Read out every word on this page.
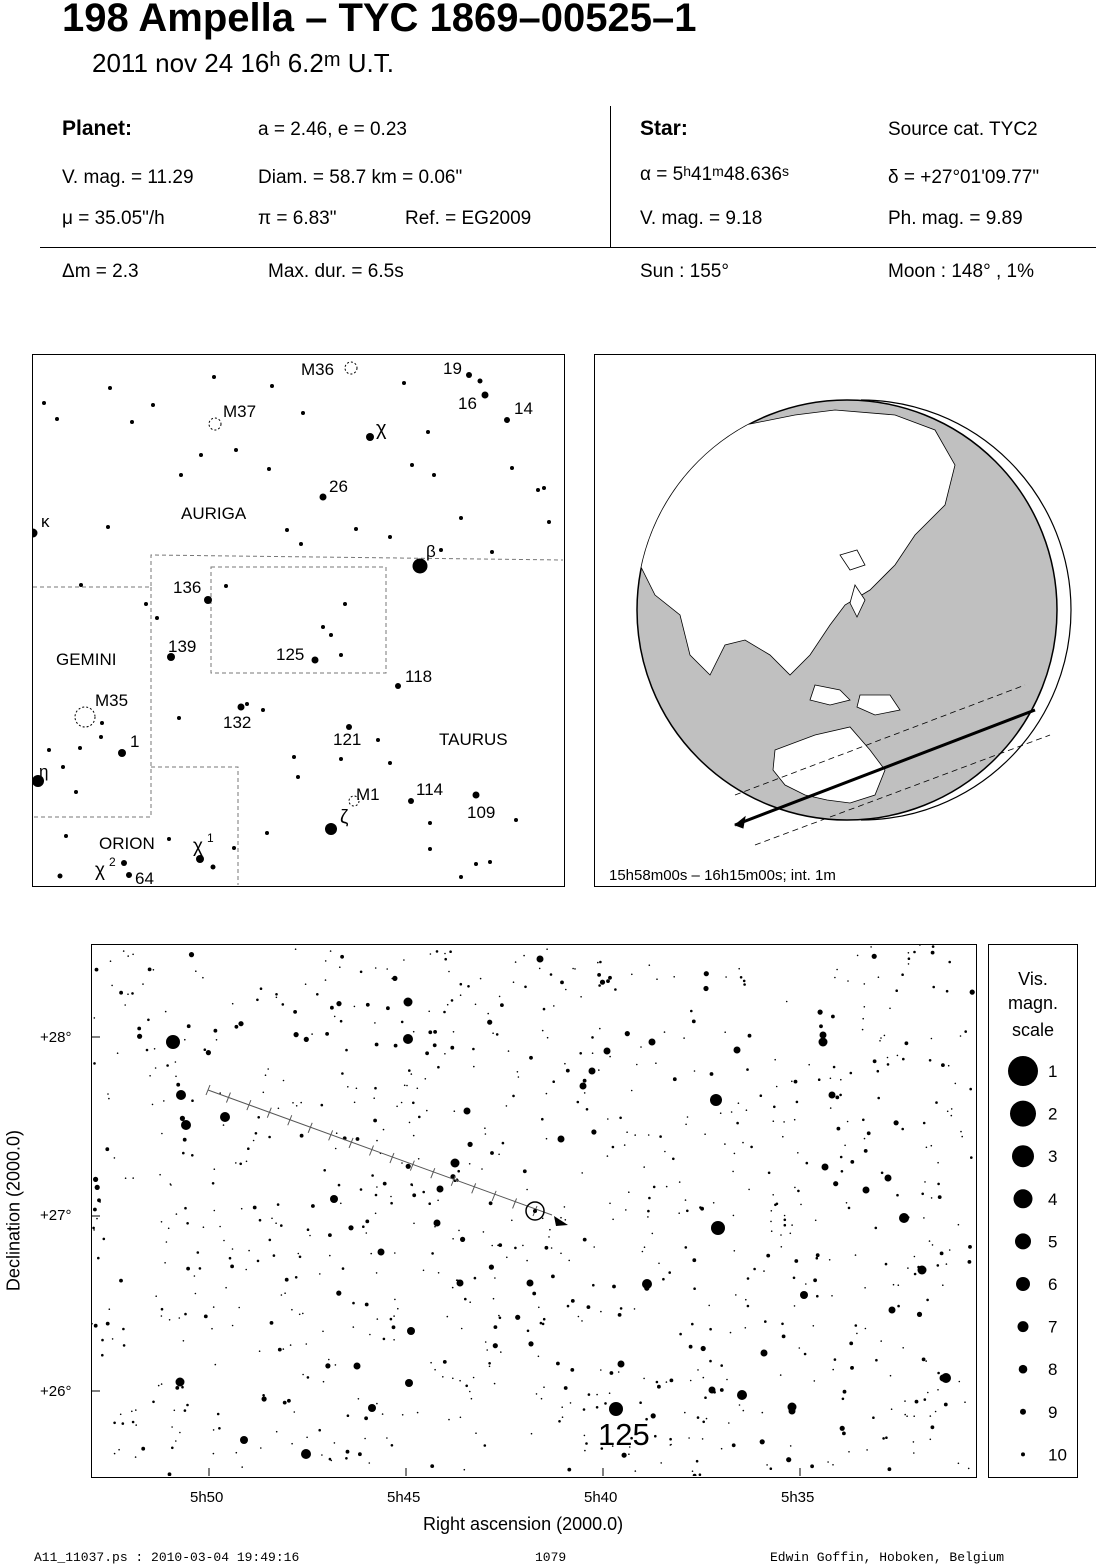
198 Ampella – TYC 1869–00525–1
2011 nov 24 16$^h$ 6.2$^m$ U.T.
Planet:	a = 2.46, e = 0.23
V. mag. = 11.29	Diam. = 58.7 km = 0.06"
μ = 35.05"/h	π = 6.83"	Ref. = EG2009
Star:	Source cat. TYC2
$\alpha = 5^h41^m48.636^s$	δ = +27°01'09.77"
V. mag. = 9.18	Ph. mag. = 9.89
Δm = 2.3	Max. dur. = 6.5s	Sun : 155°	Moon : 148° , 1%
M36
M37
19
16 14
χ
26
AURIGA
κ
β
136
GEMINI
139	125
118
M35
132
121
1	TAURUS
η
M1 114
109
ζ
ORION χ 1
χ 2
64	15h58m00s – 16h15m00s; int. 1m
125
+28°
+27°
+26°
5h50	5h45	5h40	5h35
Right ascension (2000.0)
Declination (2000.0)
Vis.
magn.
scale
1
2
3
4
5
6
7
8
9
10
A11_11037.ps : 2010-03-04 19:49:16	1079	Edwin Goffin, Hoboken, Belgium
